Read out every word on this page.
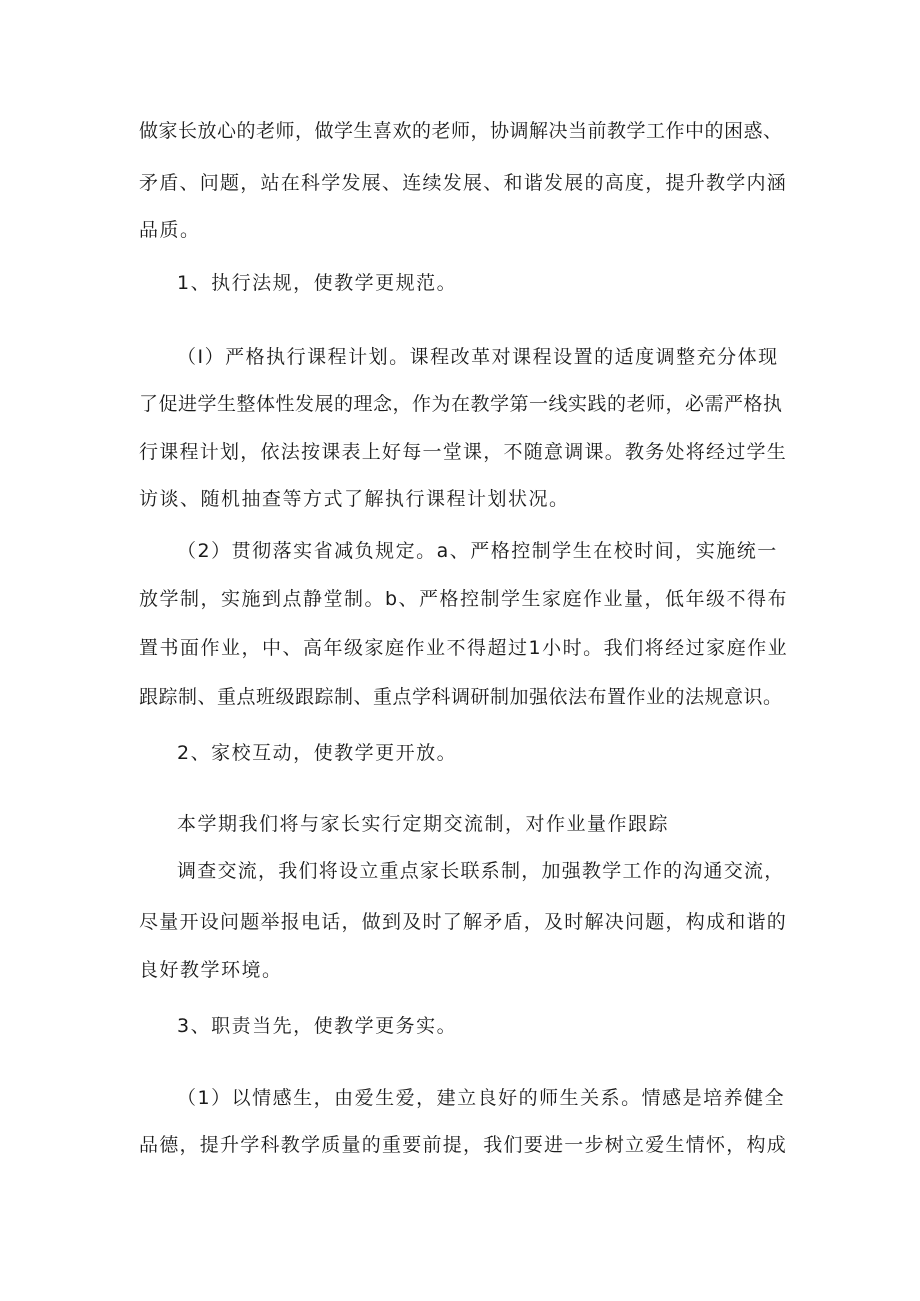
做家长放心的老师，做学生喜欢的老师，协调解决当前教学工作中的困惑、
矛盾、问题，站在科学发展、连续发展、和谐发展的高度，提升教学内涵
品质。
1、执行法规，使教学更规范。
（I）严格执行课程计划。课程改革对课程设置的适度调整充分体现
了促进学生整体性发展的理念，作为在教学第一线实践的老师，必需严格执
行课程计划，依法按课表上好每一堂课，不随意调课。教务处将经过学生
访谈、随机抽查等方式了解执行课程计划状况。
（2）贯彻落实省减负规定。a、严格控制学生在校时间，实施统一
放学制，实施到点静堂制。b、严格控制学生家庭作业量，低年级不得布
置书面作业，中、高年级家庭作业不得超过1小时。我们将经过家庭作业
跟踪制、重点班级跟踪制、重点学科调研制加强依法布置作业的法规意识。
2、家校互动，使教学更开放。
本学期我们将与家长实行定期交流制，对作业量作跟踪
调查交流，我们将设立重点家长联系制，加强教学工作的沟通交流，
尽量开设问题举报电话，做到及时了解矛盾，及时解决问题，构成和谐的
良好教学环境。
3、职责当先，使教学更务实。
（1）以情感生，由爱生爱，建立良好的师生关系。情感是培养健全
品德，提升学科教学质量的重要前提，我们要进一步树立爱生情怀，构成
